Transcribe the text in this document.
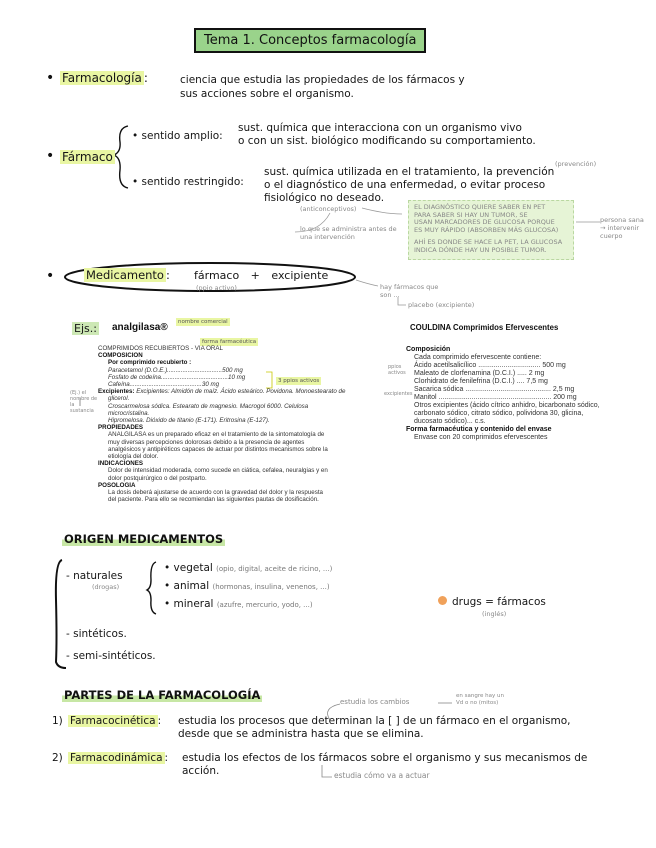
Tema 1. Conceptos farmacología
• Farmacología :	ciencia que estudia las propiedades de los fármacos y
sus acciones sobre el organismo.
• Fármaco
• sentido amplio:
sust. química que interacciona con un organismo vivo
o con un sist. biológico modificando su comportamiento.
(prevención)
• sentido restringido:
sust. química utilizada en el tratamiento, la prevención
o el diagnóstico de una enfermedad, o evitar proceso
fisiológico no deseado.
(anticonceptivos)
lo que se administra antes de una intervención
EL DIAGNÓSTICO QUIERE SABER EN PET
PARA SABER SI HAY UN TUMOR, SE
USAN MARCADORES DE GLUCOSA PORQUE
ES MUY RÁPIDO (ABSORBEN MÁS GLUCOSA)
AHÍ ES DONDE SE HACE LA PET, LA GLUCOSA
INDICA DÓNDE HAY UN POSIBLE TUMOR.
persona sana → intervenir cuerpo
•	Medicamento : fármaco + excipiente
(ppio activo)	hay fármacos que son ...
placebo (excipiente)
Ejs.: analgilasa®	nombre comercial
forma farmacéutica
3 ppios activos
(Ej.) el nombre de la sustancia
COMPRIMIDOS RECUBIERTOS - VIA ORAL
COMPOSICION
Por comprimido recubierto :
Paracetamol (D.O.E.)................................500 mg
Fosfato de codeína.......................................10 mg
Cafeína..........................................30 mg
Excipientes: Excipientes: Almidón de maíz. Ácido esteárico. Povidona. Monoestearato de
glicerol.
Croscarmelosa sódica. Estearato de magnesio. Macrogol 6000. Celulosa
microcristalina.
Hipromelosa. Dióxido de titanio (E-171). Eritrosina (E-127).
PROPIEDADES
ANALGILASA es un preparado eficaz en el tratamiento de la sintomatología de
muy diversas percepciones dolorosas debido a la presencia de agentes
analgésicos y antipiréticos capaces de actuar por distintos mecanismos sobre la
etiología del dolor.
INDICACIONES
Dolor de intensidad moderada, como sucede en ciática, cefalea, neuralgias y en
dolor postquirúrgico o del postparto.
POSOLOGIA
La dosis deberá ajustarse de acuerdo con la gravedad del dolor y la respuesta
del paciente. Para ello se recomiendan las siguientes pautas de dosificación.
COULDINA Comprimidos Efervescentes
ppios activos
excipientes
Composición
Cada comprimido efervescente contiene:
Ácido acetilsalicílico ................................ 500 mg
Maleato de clorfenamina (D.C.I.) ..... 2 mg
Clorhidrato de fenilefrina (D.C.I.) .... 7,5 mg
Sacarica sódica ............................................ 2,5 mg
Manitol .......................................................... 200 mg
Otros excipientes (ácido cítrico anhidro, bicarbonato sódico,
carbonato sódico, citrato sódico, polividona 30, glicina,
ducosato sódico)... c.s.
Forma farmacéutica y contenido del envase
Envase con 20 comprimidos efervescentes
ORIGEN MEDICAMENTOS
- naturales
(drogas)
• vegetal (opio, digital, aceite de ricino, ...)
• animal (hormonas, insulina, venenos, ...)
• mineral (azufre, mercurio, yodo, ...)
- sintéticos.
- semi-sintéticos.
drugs = fármacos
(inglés)
PARTES DE LA FARMACOLOGÍA	estudia los cambios
en sangre hay un
Vd o no (mitos)
1) Farmacocinética : estudia los procesos que determinan la [ ] de un fármaco en el organismo,
desde que se administra hasta que se elimina.
2) Farmacodinámica : estudia los efectos de los fármacos sobre el organismo y sus mecanismos de
acción.	estudia cómo va a actuar
